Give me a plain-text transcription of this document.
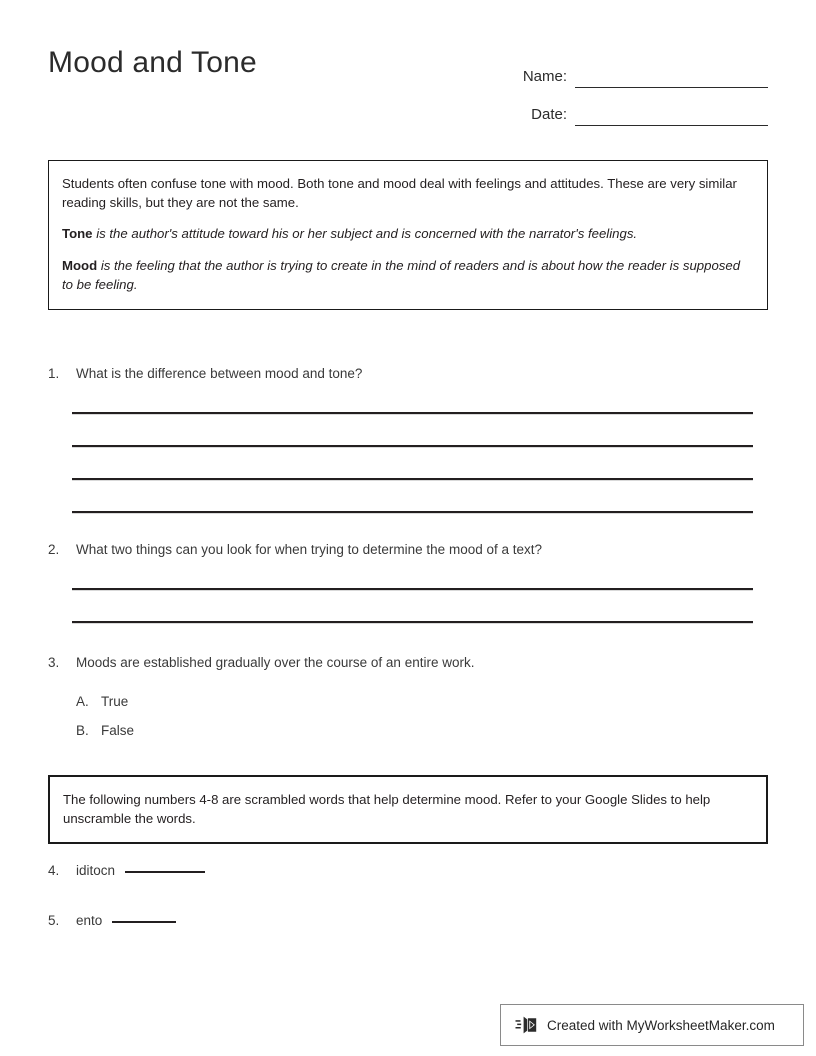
Mood and Tone	Name:
Date:

Students often confuse tone with mood. Both tone and mood deal with feelings and attitudes. These are very similar reading skills, but they are not the same.

Tone is the author's attitude toward his or her subject and is concerned with the narrator's feelings.

Mood is the feeling that the author is trying to create in the mind of readers and is about how the reader is supposed to be feeling.

1.	What is the difference between mood and tone?
2.	What two things can you look for when trying to determine the mood of a text?
3.	Moods are established gradually over the course of an entire work.
A. True
B. False

The following numbers 4-8 are scrambled words that help determine mood. Refer to your Google Slides to help unscramble the words.

4.	iditocn
5.	ento
Created with MyWorksheetMaker.com
